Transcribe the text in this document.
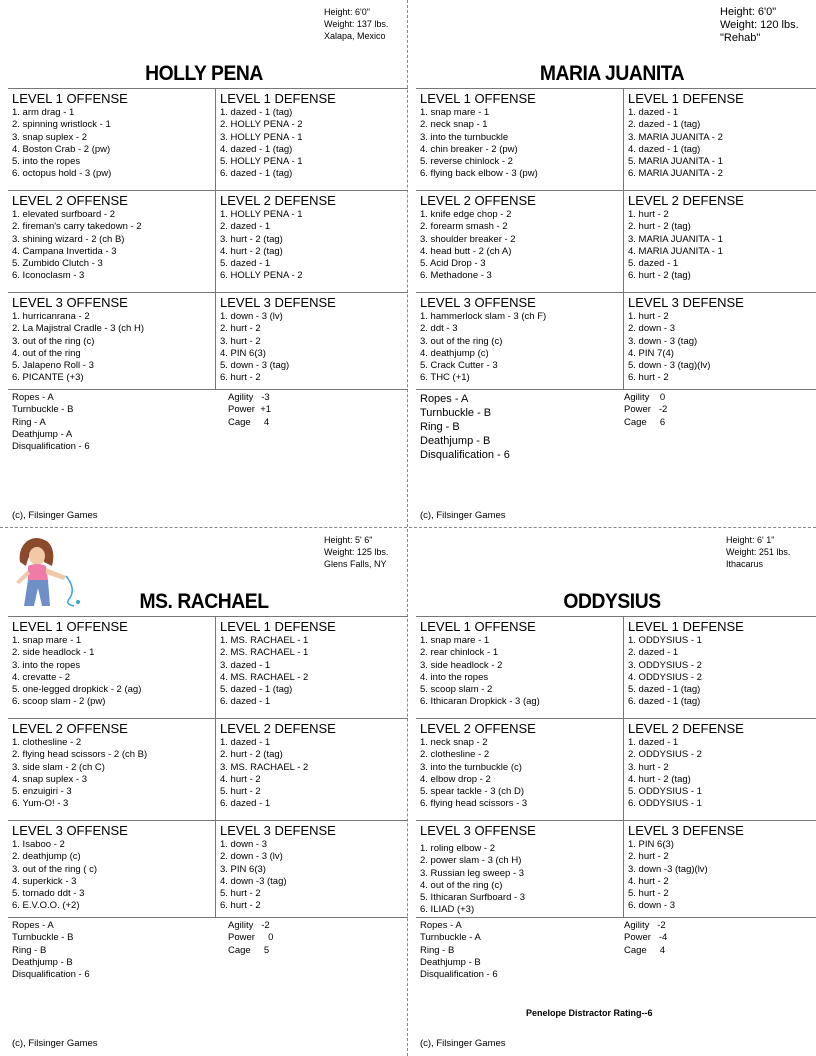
Height: 6'0"
Weight: 137 lbs.
Xalapa, Mexico
HOLLY PENA
LEVEL 1 OFFENSE
1. arm drag - 1
2. spinning wristlock - 1
3. snap suplex - 2
4. Boston Crab - 2 (pw)
5. into the ropes
6. octopus hold - 3 (pw)
LEVEL 1 DEFENSE
1. dazed - 1 (tag)
2. HOLLY PENA - 2
3. HOLLY PENA - 1
4. dazed - 1 (tag)
5. HOLLY PENA - 1
6. dazed - 1 (tag)
LEVEL 2 OFFENSE
1. elevated surfboard - 2
2. fireman's carry takedown - 2
3. shining wizard - 2 (ch B)
4. Campana Invertida - 3
5. Zumbido Clutch - 3
6. Iconoclasm - 3
LEVEL 2 DEFENSE
1. HOLLY PENA - 1
2. dazed - 1
3. hurt - 2 (tag)
4. hurt - 2 (tag)
5. dazed - 1
6. HOLLY PENA - 2
LEVEL 3 OFFENSE
1. hurricanrana - 2
2. La Majistral Cradle - 3 (ch H)
3. out of the ring (c)
4. out of the ring
5. Jalapeno Roll - 3
6. PICANTE (+3)
LEVEL 3 DEFENSE
1. down - 3 (lv)
2. hurt - 2
3. hurt - 2
4. PIN 6(3)
5. down - 3 (tag)
6. hurt - 2
Ropes - A
Turnbuckle - B
Ring - A
Deathjump - A
Disqualification - 6
Agility   -3
Power  +1
Cage     4
(c), Filsinger Games
Height: 6'0"
Weight: 120 lbs.
"Rehab"
MARIA JUANITA
LEVEL 1 OFFENSE
1. snap mare - 1
2. neck snap - 1
3. into the turnbuckle
4. chin breaker - 2 (pw)
5. reverse chinlock - 2
6. flying back elbow - 3 (pw)
LEVEL 1 DEFENSE
1. dazed - 1
2. dazed - 1 (tag)
3. MARIA JUANITA - 2
4. dazed - 1 (tag)
5. MARIA JUANITA - 1
6. MARIA JUANITA - 2
LEVEL 2 OFFENSE
1. knife edge chop - 2
2. forearm smash - 2
3. shoulder breaker - 2
4. head butt - 2 (ch A)
5. Acid Drop - 3
6. Methadone - 3
LEVEL 2 DEFENSE
1. hurt - 2
2. hurt - 2 (tag)
3. MARIA JUANITA - 1
4. MARIA JUANITA - 1
5. dazed - 1
6. hurt - 2 (tag)
LEVEL 3 OFFENSE
1. hammerlock slam - 3 (ch F)
2. ddt - 3
3. out of the ring (c)
4. deathjump (c)
5. Crack Cutter - 3
6. THC (+1)
LEVEL 3 DEFENSE
1. hurt - 2
2. down - 3
3. down - 3 (tag)
4. PIN 7(4)
5. down - 3 (tag)(lv)
6. hurt - 2
Ropes - A
Turnbuckle - B
Ring - B
Deathjump - B
Disqualification - 6
Agility    0
Power   -2
Cage     6
(c), Filsinger Games
Height: 5' 6"
Weight: 125 lbs.
Glens Falls, NY
MS. RACHAEL
LEVEL 1 OFFENSE
1. snap mare - 1
2. side headlock - 1
3. into the ropes
4. crevatte - 2
5. one-legged dropkick - 2 (ag)
6. scoop slam - 2 (pw)
LEVEL 1 DEFENSE
1. MS. RACHAEL - 1
2. MS. RACHAEL - 1
3. dazed - 1
4. MS. RACHAEL - 2
5. dazed - 1 (tag)
6. dazed - 1
LEVEL 2 OFFENSE
1. clothesline - 2
2. flying head scissors - 2 (ch B)
3. side slam - 2 (ch C)
4. snap suplex - 3
5. enzuigiri - 3
6. Yum-O! - 3
LEVEL 2 DEFENSE
1. dazed - 1
2. hurt - 2 (tag)
3. MS. RACHAEL - 2
4. hurt - 2
5. hurt - 2
6. dazed - 1
LEVEL 3 OFFENSE
1. Isaboo - 2
2. deathjump (c)
3. out of the ring ( c)
4. superkick - 3
5. tornado ddt - 3
6. E.V.O.O. (+2)
LEVEL 3 DEFENSE
1. down - 3
2. down - 3 (lv)
3. PIN 6(3)
4. down -3 (tag)
5. hurt - 2
6. hurt - 2
Ropes - A
Turnbuckle - B
Ring - B
Deathjump - B
Disqualification - 6
Agility   -2
Power     0
Cage     5
(c), Filsinger Games
Height: 6' 1"
Weight: 251 lbs.
Ithacarus
ODDYSIUS
LEVEL 1 OFFENSE
1. snap mare - 1
2. rear chinlock - 1
3. side headlock - 2
4. into the ropes
5. scoop slam - 2
6. Ithicaran Dropkick - 3 (ag)
LEVEL 1 DEFENSE
1. ODDYSIUS - 1
2. dazed - 1
3. ODDYSIUS - 2
4. ODDYSIUS - 2
5. dazed - 1 (tag)
6. dazed - 1 (tag)
LEVEL 2 OFFENSE
1. neck snap - 2
2. clothesline - 2
3. into the turnbuckle (c)
4. elbow drop - 2
5. spear tackle - 3 (ch D)
6. flying head scissors - 3
LEVEL 2 DEFENSE
1. dazed - 1
2. ODDYSIUS - 2
3. hurt - 2
4. hurt - 2 (tag)
5. ODDYSIUS - 1
6. ODDYSIUS - 1
LEVEL 3 OFFENSE
1. roling elbow - 2
2. power slam - 3 (ch H)
3. Russian leg sweep - 3
4. out of the ring (c)
5. Ithicaran Surfboard - 3
6. ILIAD (+3)
LEVEL 3 DEFENSE
1. PIN 6(3)
2. hurt - 2
3. down -3 (tag)(lv)
4. hurt - 2
5. hurt - 2
6. down - 3
Ropes - A
Turnbuckle - A
Ring - B
Deathjump - B
Disqualification - 6
Agility   -2
Power   -4
Cage     4
Penelope Distractor Rating--6
(c), Filsinger Games
